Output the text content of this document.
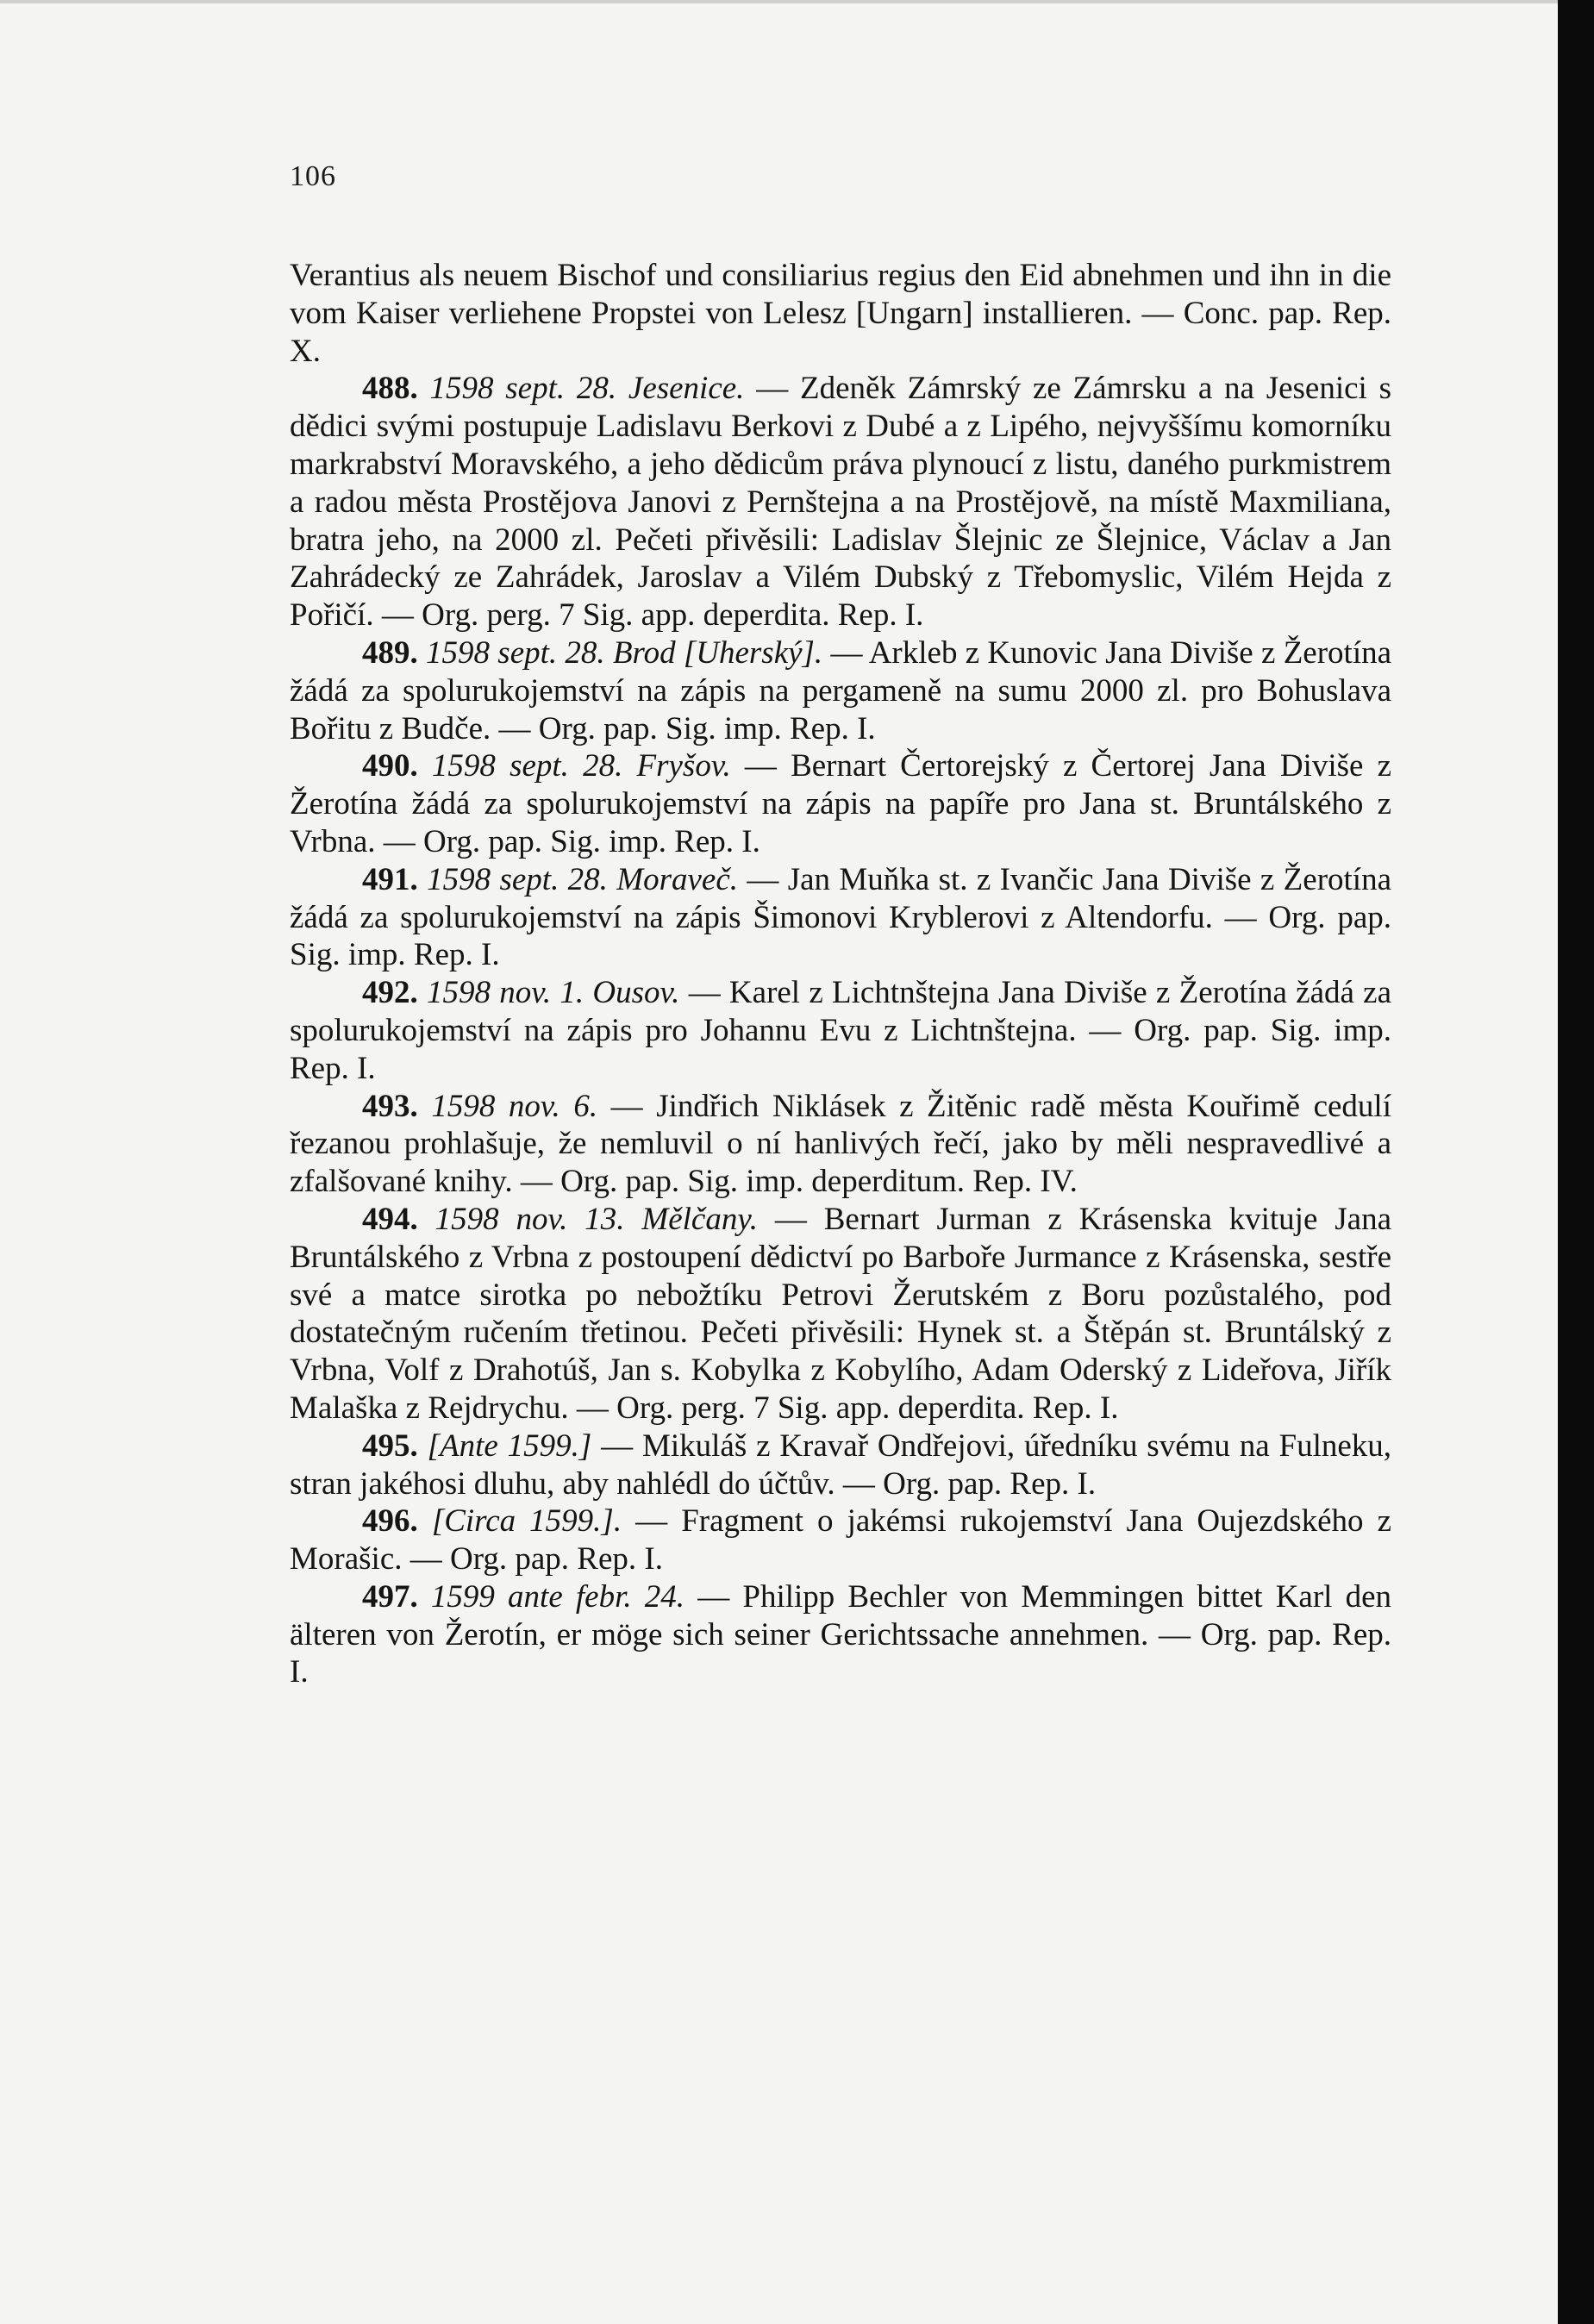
106

Verantius als neuem Bischof und consiliarius regius den Eid abnehmen und ihn in die vom Kaiser verliehene Propstei von Lelesz [Ungarn] installieren. — Conc. pap. Rep. X.

488. 1598 sept. 28. Jesenice. — Zdeněk Zámrský ze Zámrsku a na Jesenici s dědici svými postupuje Ladislavu Berkovi z Dubé a z Lipého, nejvyššímu komorníku markrabství Moravského, a jeho dědicům práva plynoucí z listu, daného purkmistrem a radou města Prostějova Janovi z Pernštejna a na Prostějově, na místě Maxmiliana, bratra jeho, na 2000 zl. Pečeti přivěsili: Ladislav Šlejnic ze Šlejnice, Václav a Jan Zahrádecký ze Zahrádek, Jaroslav a Vilém Dubský z Třebomyslic, Vilém Hejda z Pořičí. — Org. perg. 7 Sig. app. deperdita. Rep. I.

489. 1598 sept. 28. Brod [Uherský]. — Arkleb z Kunovic Jana Diviše z Žerotína žádá za spolurukojemství na zápis na pergameně na sumu 2000 zl. pro Bohuslava Bořitu z Budče. — Org. pap. Sig. imp. Rep. I.

490. 1598 sept. 28. Fryšov. — Bernart Čertorejský z Čertorej Jana Diviše z Žerotína žádá za spolurukojemství na zápis na papíře pro Jana st. Bruntálského z Vrbna. — Org. pap. Sig. imp. Rep. I.

491. 1598 sept. 28. Moraveč. — Jan Muňka st. z Ivančic Jana Diviše z Žerotína žádá za spolurukojemství na zápis Šimonovi Kryblerovi z Altendorfu. — Org. pap. Sig. imp. Rep. I.

492. 1598 nov. 1. Ousov. — Karel z Lichtnštejna Jana Diviše z Žerotína žádá za spolurukojemství na zápis pro Johannu Evu z Lichtnštejna. — Org. pap. Sig. imp. Rep. I.

493. 1598 nov. 6. — Jindřich Niklásek z Žitěnic radě města Kouřimě cedulí řezanou prohlašuje, že nemluvil o ní hanlivých řečí, jako by měli nespravedlivé a zfalšované knihy. — Org. pap. Sig. imp. deperditum. Rep. IV.

494. 1598 nov. 13. Mělčany. — Bernart Jurman z Krásenska kvituje Jana Bruntálského z Vrbna z postoupení dědictví po Barboře Jurmance z Krásenska, sestře své a matce sirotka po nebožtíku Petrovi Žerutském z Boru pozůstalého, pod dostatečným ručením třetinou. Pečeti přivěsili: Hynek st. a Štěpán st. Bruntálský z Vrbna, Volf z Drahotúš, Jan s. Kobylka z Kobylího, Adam Oderský z Lideřova, Jiřík Malaška z Rejdrychu. — Org. perg. 7 Sig. app. deperdita. Rep. I.

495. [Ante 1599.] — Mikuláš z Kravař Ondřejovi, úředníku svému na Fulneku, stran jakéhosi dluhu, aby nahlédl do účtův. — Org. pap. Rep. I.

496. [Circa 1599.]. — Fragment o jakémsi rukojemství Jana Oujezdského z Morašic. — Org. pap. Rep. I.

497. 1599 ante febr. 24. — Philipp Bechler von Memmingen bittet Karl den älteren von Žerotín, er möge sich seiner Gerichtssache annehmen. — Org. pap. Rep. I.
